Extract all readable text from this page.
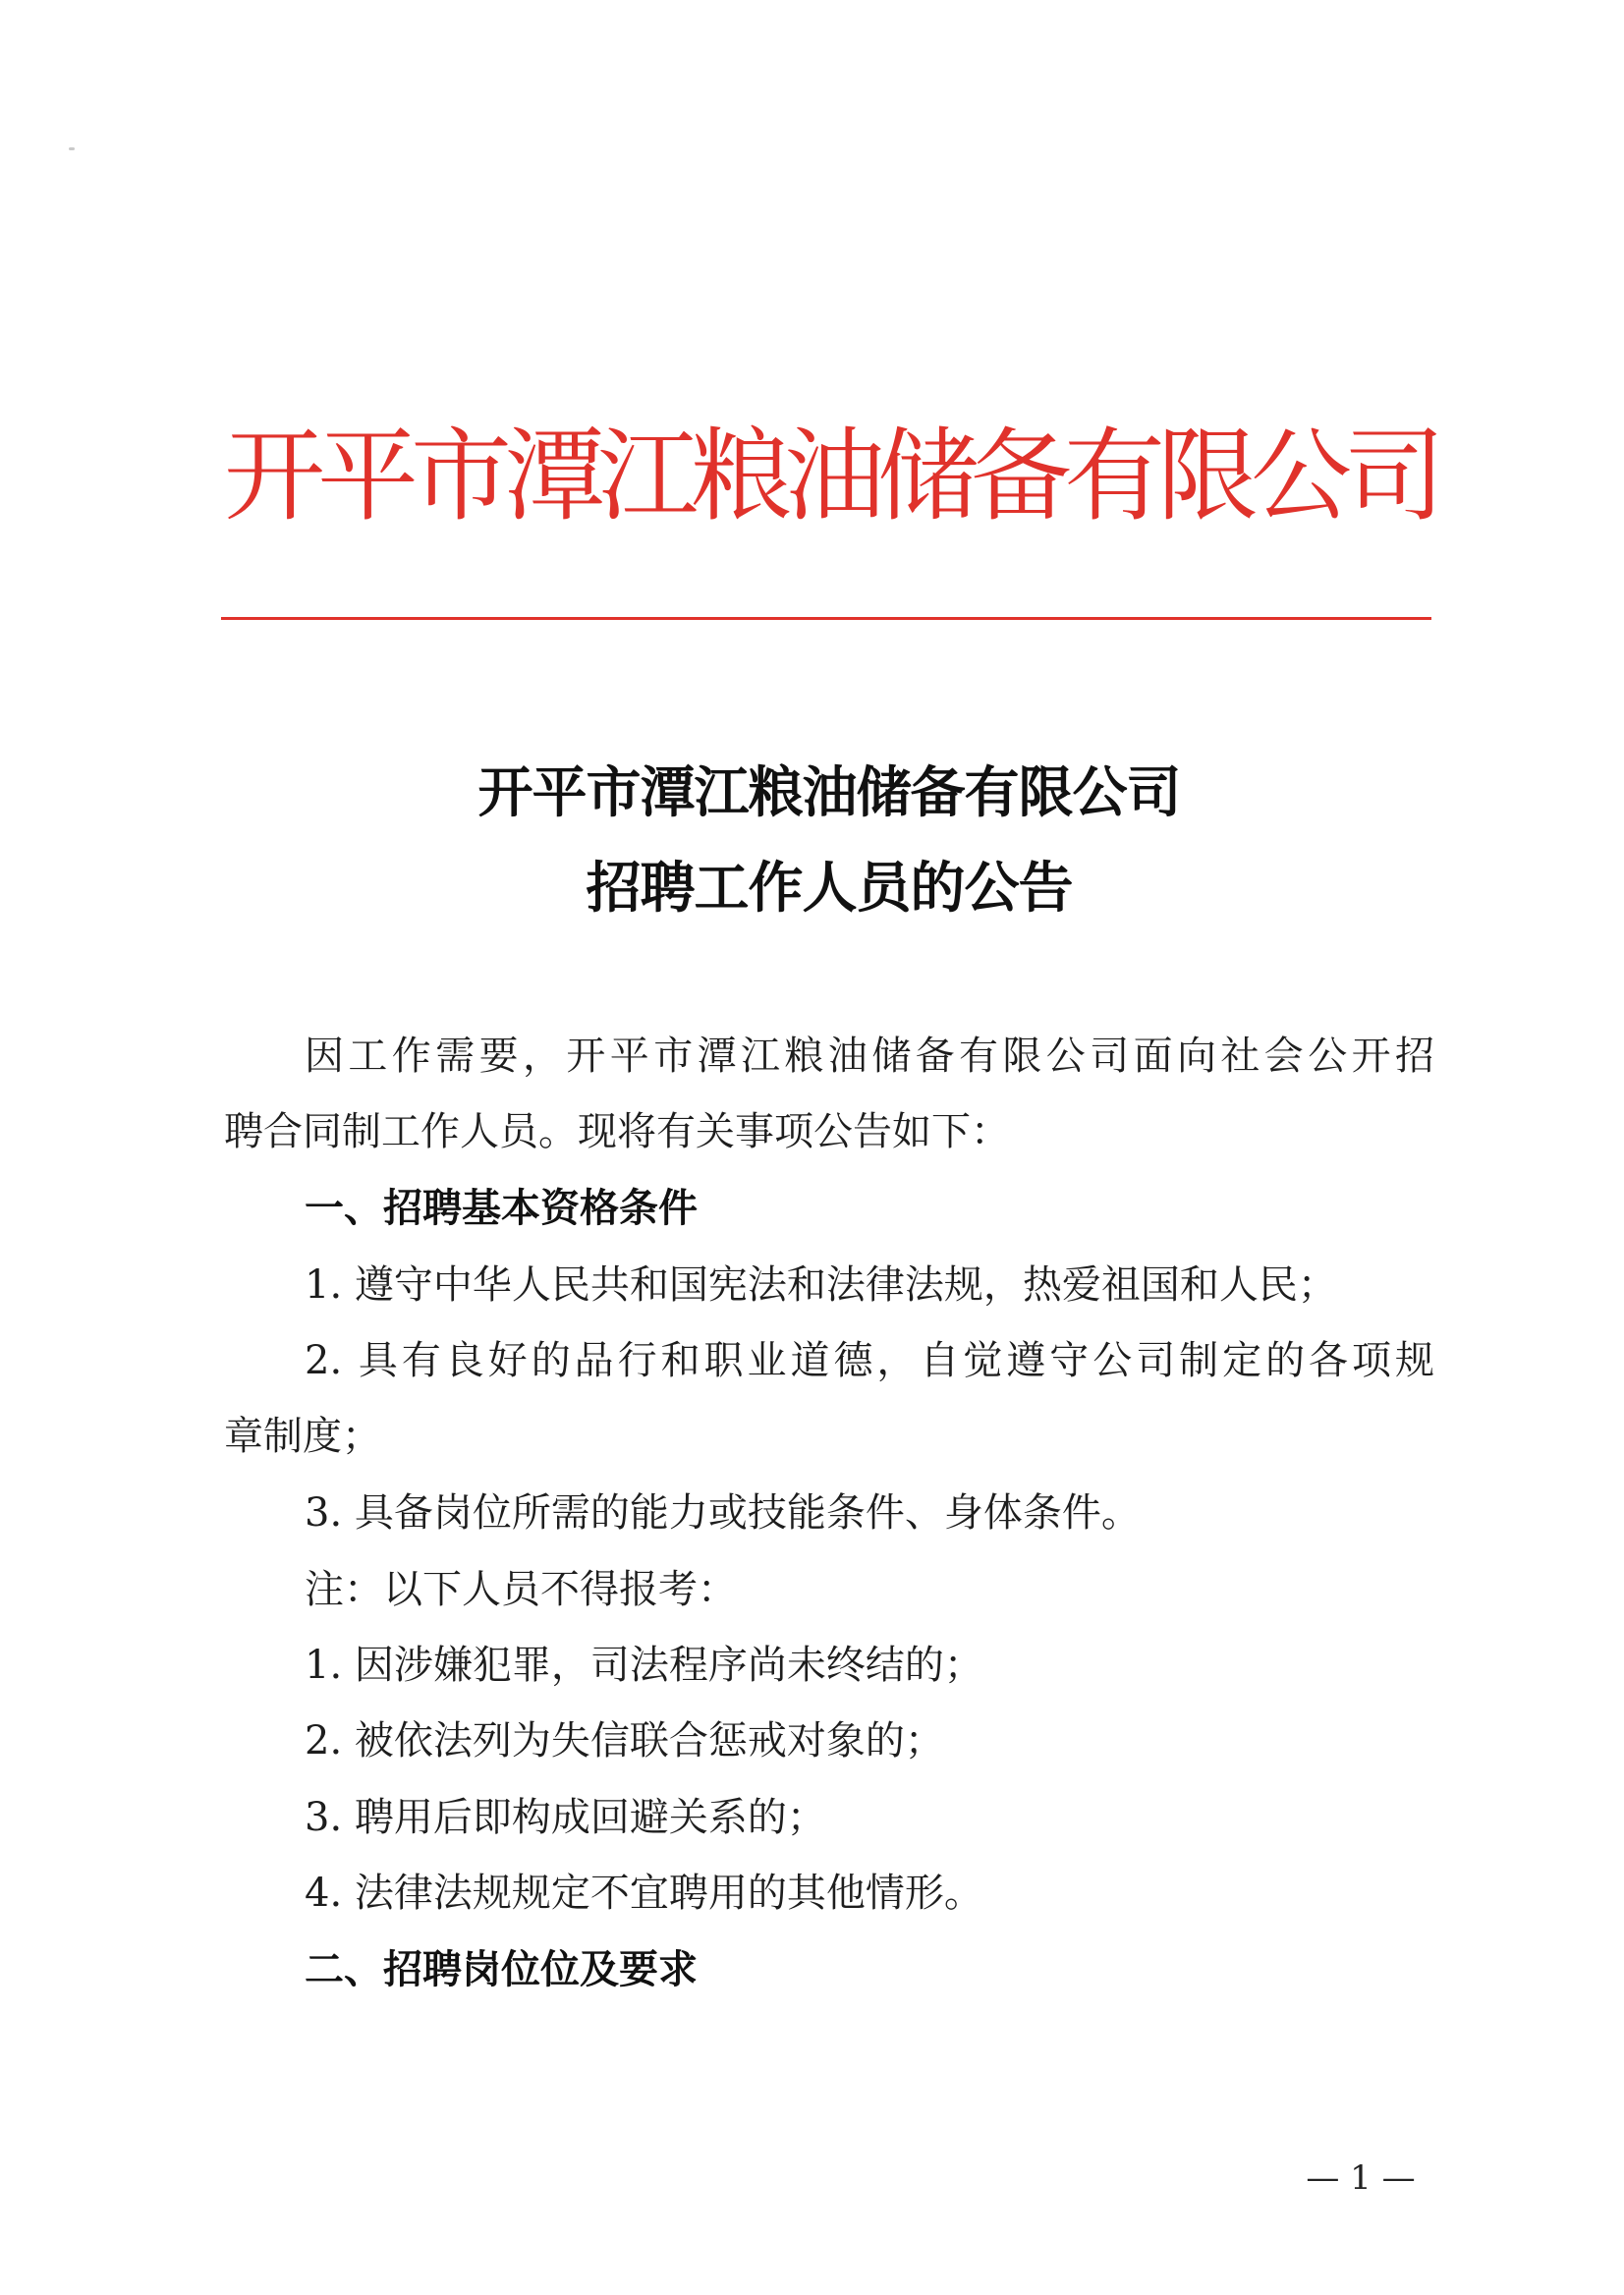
开平市潭江粮油储备有限公司
开平市潭江粮油储备有限公司
招聘工作人员的公告
因工作需要，开平市潭江粮油储备有限公司面向社会公开招
聘合同制工作人员。现将有关事项公告如下：
一、招聘基本资格条件
1. 遵守中华人民共和国宪法和法律法规，热爱祖国和人民；
2. 具有良好的品行和职业道德，自觉遵守公司制定的各项规
章制度；
3. 具备岗位所需的能力或技能条件、身体条件。
注：以下人员不得报考：
1. 因涉嫌犯罪，司法程序尚未终结的；
2. 被依法列为失信联合惩戒对象的；
3. 聘用后即构成回避关系的；
4. 法律法规规定不宜聘用的其他情形。
二、招聘岗位位及要求
— 1 —
